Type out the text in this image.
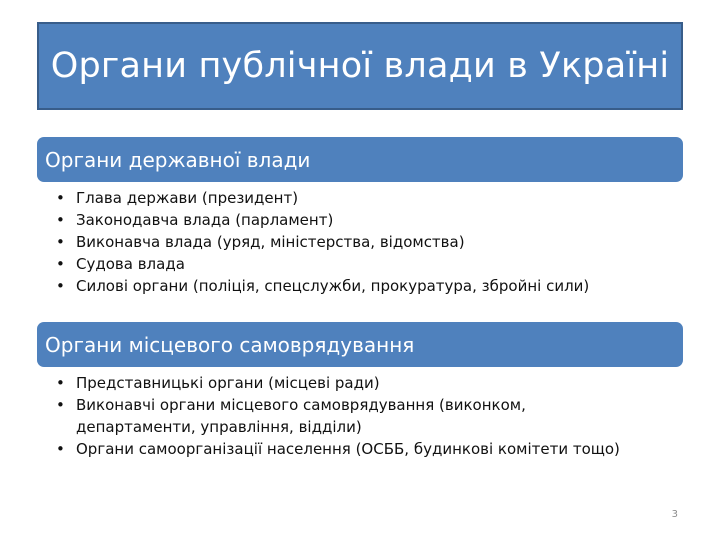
Органи публічної влади в Україні
Органи державної влади
• Глава держави (президент)
• Законодавча влада (парламент)
• Виконавча влада (уряд, міністерства, відомства)
• Судова влада
• Силові органи (поліція, спецслужби, прокуратура, збройні сили)
Органи місцевого самоврядування
• Представницькі органи (місцеві ради)
• Виконавчі органи місцевого самоврядування (виконком, департаменти, управління, відділи)
• Органи самоорганізації населення (ОСББ, будинкові комітети тощо)
3
